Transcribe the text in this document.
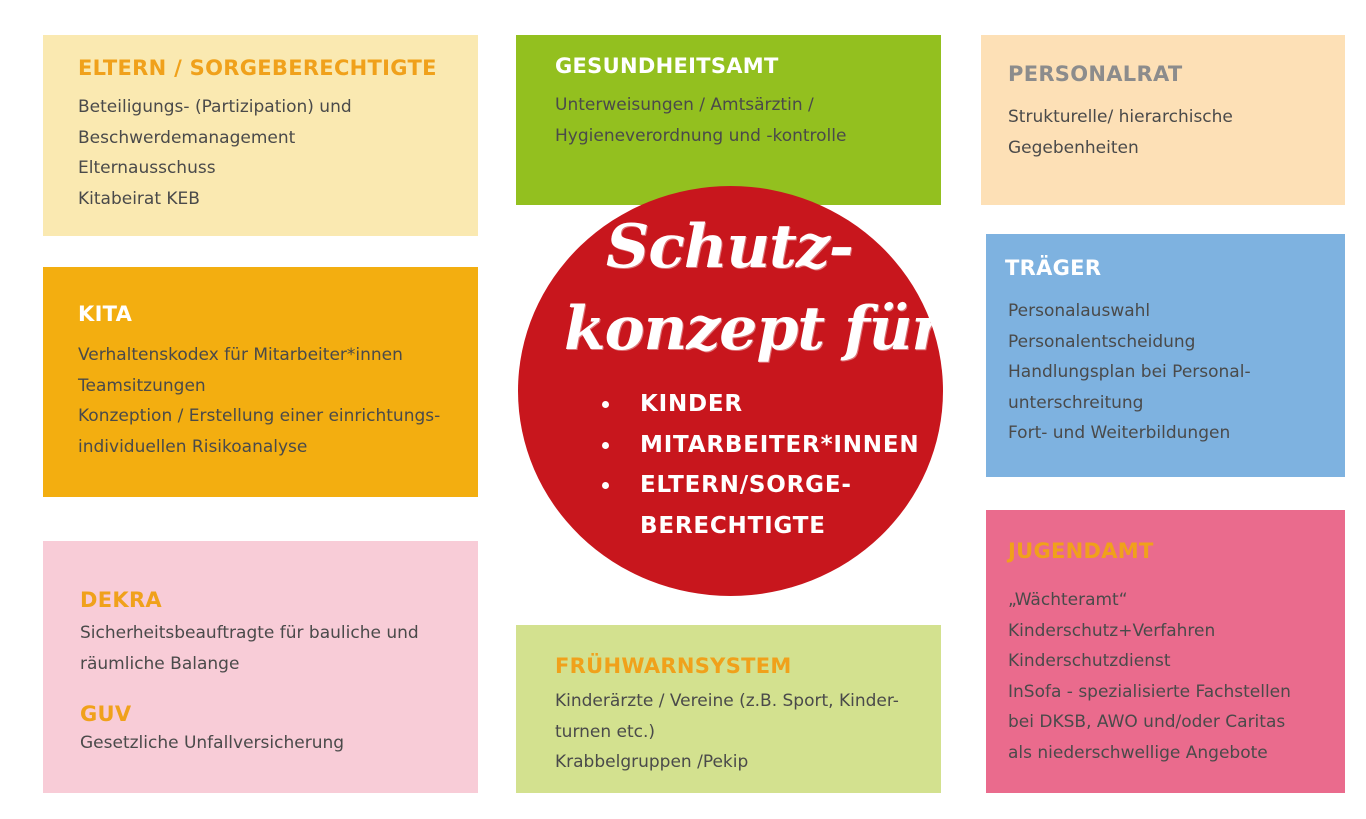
ELTERN / SORGEBERECHTIGTE
Beteiligungs- (Partizipation) und
Beschwerdemanagement
Elternausschuss
Kitabeirat KEB
KITA
Verhaltenskodex für Mitarbeiter*innen
Teamsitzungen
Konzeption / Erstellung einer einrichtungs-
individuellen Risikoanalyse
DEKRA
Sicherheitsbeauftragte für bauliche und
räumliche Balange
GUV
Gesetzliche Unfallversicherung
GESUNDHEITSAMT
Unterweisungen / Amtsärztin /
Hygieneverordnung und -kontrolle
FRÜHWARNSYSTEM
Kinderärzte / Vereine (z.B. Sport, Kinder-
turnen etc.)
Krabbelgruppen /Pekip
PERSONALRAT
Strukturelle/ hierarchische
Gegebenheiten
TRÄGER
Personalauswahl
Personalentscheidung
Handlungsplan bei Personal-
unterschreitung
Fort- und Weiterbildungen
JUGENDAMT
„Wächteramt“
Kinderschutz+Verfahren
Kinderschutzdienst
InSofa - spezialisierte Fachstellen
bei DKSB, AWO und/oder Caritas
als niederschwellige Angebote

Schutz-

konzept für

KINDER
MITARBEITER*INNEN
ELTERN/SORGE-
BERECHTIGTE
